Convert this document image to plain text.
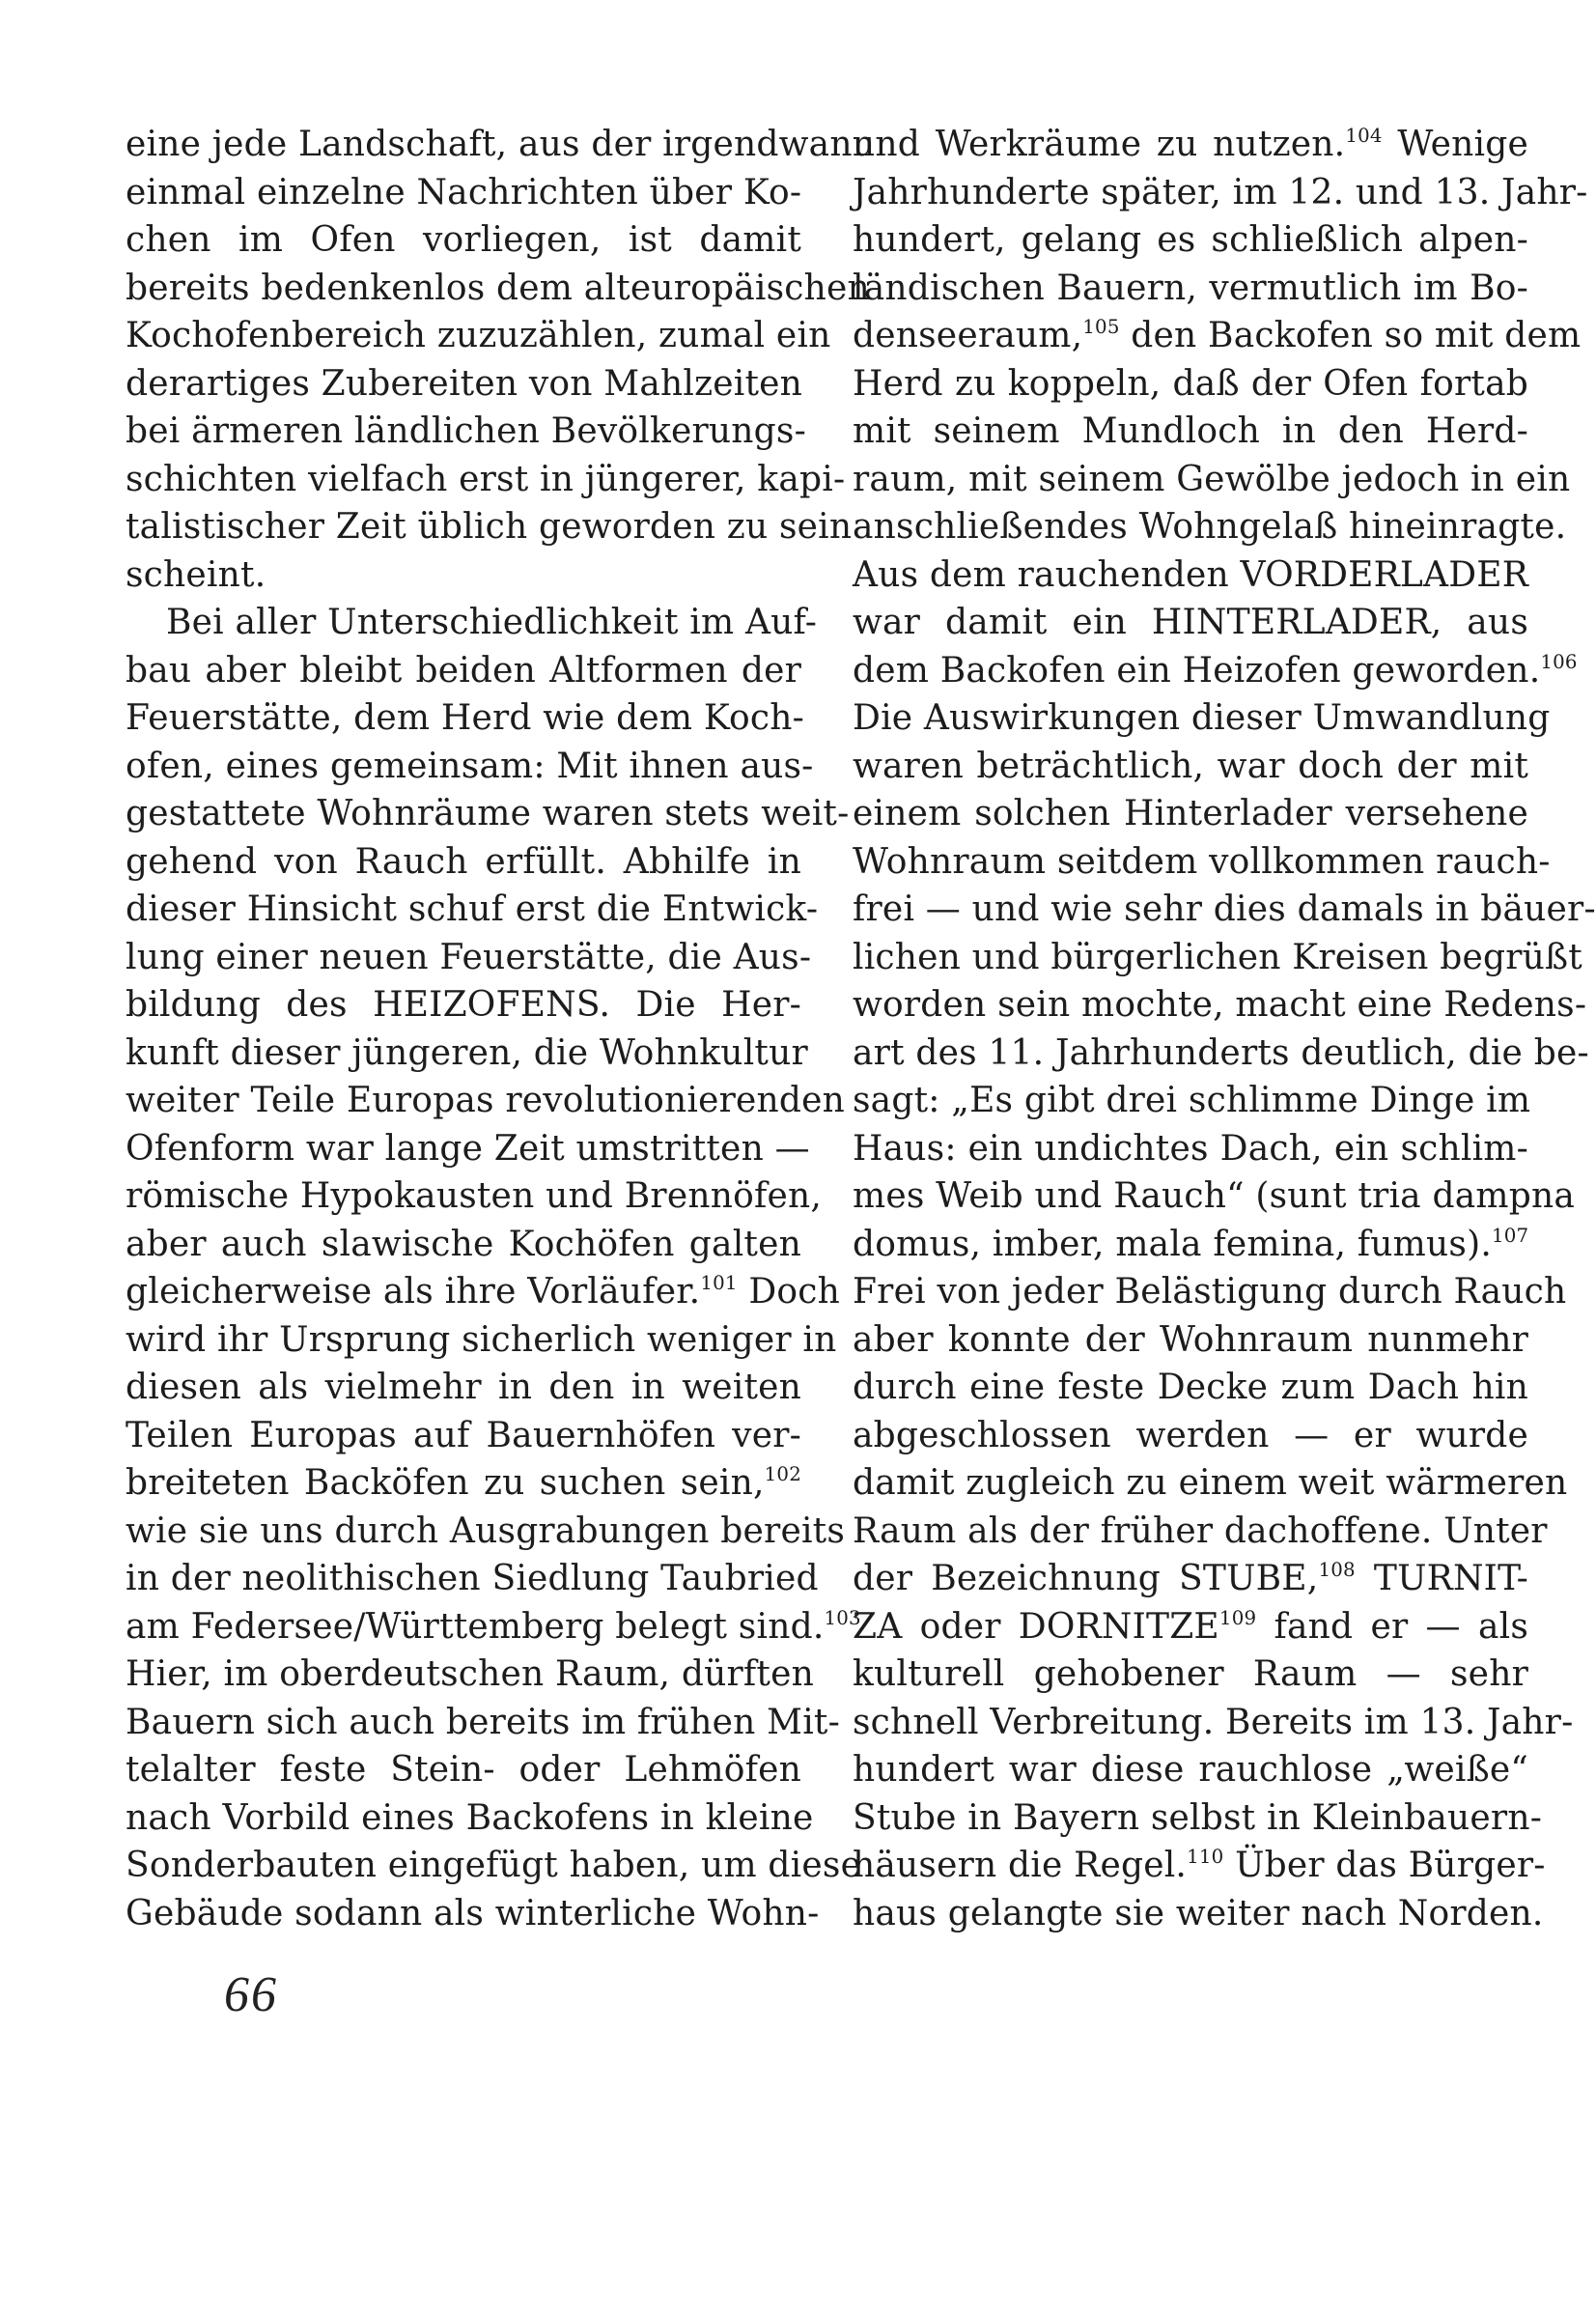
eine jede Landschaft, aus der irgendwann
einmal einzelne Nachrichten über Ko-
chen im Ofen vorliegen, ist damit
bereits bedenkenlos dem alteuropäischen
Kochofenbereich zuzuzählen, zumal ein
derartiges Zubereiten von Mahlzeiten
bei ärmeren ländlichen Bevölkerungs-
schichten vielfach erst in jüngerer, kapi-
talistischer Zeit üblich geworden zu sein
scheint.
Bei aller Unterschiedlichkeit im Auf-
bau aber bleibt beiden Altformen der
Feuerstätte, dem Herd wie dem Koch-
ofen, eines gemeinsam: Mit ihnen aus-
gestattete Wohnräume waren stets weit-
gehend von Rauch erfüllt. Abhilfe in
dieser Hinsicht schuf erst die Entwick-
lung einer neuen Feuerstätte, die Aus-
bildung des HEIZOFENS. Die Her-
kunft dieser jüngeren, die Wohnkultur
weiter Teile Europas revolutionierenden
Ofenform war lange Zeit umstritten —
römische Hypokausten und Brennöfen,
aber auch slawische Kochöfen galten
gleicherweise als ihre Vorläufer.$^{101}$ Doch
wird ihr Ursprung sicherlich weniger in
diesen als vielmehr in den in weiten
Teilen Europas auf Bauernhöfen ver-
breiteten Backöfen zu suchen sein,$^{102}$
wie sie uns durch Ausgrabungen bereits
in der neolithischen Siedlung Taubried
am Federsee/Württemberg belegt sind.$^{103}$
Hier, im oberdeutschen Raum, dürften
Bauern sich auch bereits im frühen Mit-
telalter feste Stein- oder Lehmöfen
nach Vorbild eines Backofens in kleine
Sonderbauten eingefügt haben, um diese
Gebäude sodann als winterliche Wohn-
und Werkräume zu nutzen.$^{104}$ Wenige
Jahrhunderte später, im 12. und 13. Jahr-
hundert, gelang es schließlich alpen-
ländischen Bauern, vermutlich im Bo-
denseeraum,$^{105}$ den Backofen so mit dem
Herd zu koppeln, daß der Ofen fortab
mit seinem Mundloch in den Herd-
raum, mit seinem Gewölbe jedoch in ein
anschließendes Wohngelaß hineinragte.
Aus dem rauchenden VORDERLADER
war damit ein HINTERLADER, aus
dem Backofen ein Heizofen geworden.$^{106}$
Die Auswirkungen dieser Umwandlung
waren beträchtlich, war doch der mit
einem solchen Hinterlader versehene
Wohnraum seitdem vollkommen rauch-
frei — und wie sehr dies damals in bäuer-
lichen und bürgerlichen Kreisen begrüßt
worden sein mochte, macht eine Redens-
art des 11. Jahrhunderts deutlich, die be-
sagt: „Es gibt drei schlimme Dinge im
Haus: ein undichtes Dach, ein schlim-
mes Weib und Rauch“ (sunt tria dampna
domus, imber, mala femina, fumus).$^{107}$
Frei von jeder Belästigung durch Rauch
aber konnte der Wohnraum nunmehr
durch eine feste Decke zum Dach hin
abgeschlossen werden — er wurde
damit zugleich zu einem weit wärmeren
Raum als der früher dachoffene. Unter
der Bezeichnung STUBE,$^{108}$ TURNIT-
ZA oder DORNITZE$^{109}$ fand er — als
kulturell gehobener Raum — sehr
schnell Verbreitung. Bereits im 13. Jahr-
hundert war diese rauchlose „weiße“
Stube in Bayern selbst in Kleinbauern-
häusern die Regel.$^{110}$ Über das Bürger-
haus gelangte sie weiter nach Norden.
66
